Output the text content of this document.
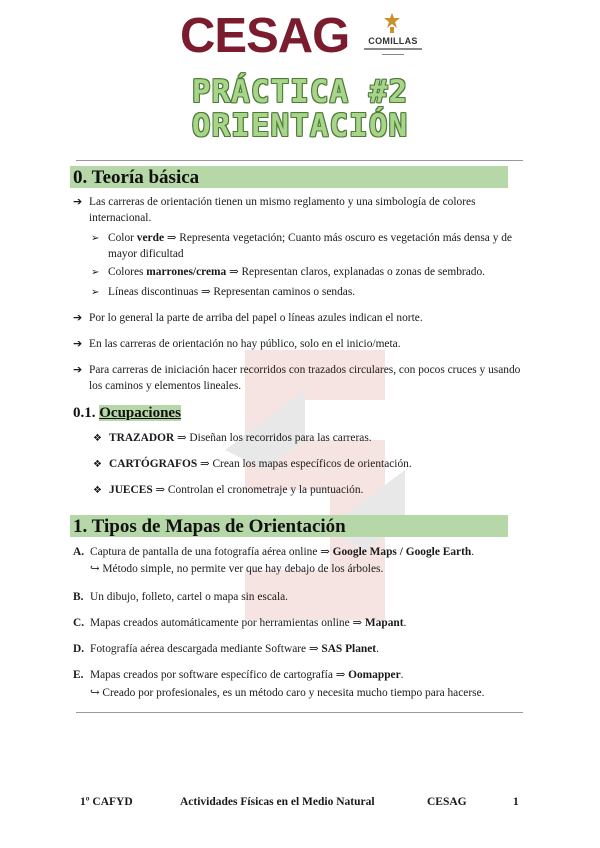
CESAG	COMILLAS
PRÁCTICA #2
ORIENTACIÓN
0. Teoría básica
➔ Las carreras de orientación tienen un mismo reglamento y una simbología de colores internacional.
➢ Color verde ⇒ Representa vegetación; Cuanto más oscuro es vegetación más densa y de mayor dificultad
➢ Colores marrones/crema ⇒ Representan claros, explanadas o zonas de sembrado.
➢ Líneas discontinuas ⇒ Representan caminos o sendas.
➔ Por lo general la parte de arriba del papel o líneas azules indican el norte.
➔ En las carreras de orientación no hay público, solo en el inicio/meta.
➔ Para carreras de iniciación hacer recorridos con trazados circulares, con pocos cruces y usando los caminos y elementos lineales.
0.1. Ocupaciones
❖ TRAZADOR ⇒ Diseñan los recorridos para las carreras.
❖ CARTÓGRAFOS ⇒ Crean los mapas específicos de orientación.
❖ JUECES ⇒ Controlan el cronometraje y la puntuación.
1. Tipos de Mapas de Orientación
A. Captura de pantalla de una fotografía aérea online ⇒ Google Maps / Google Earth.
↪ Método simple, no permite ver que hay debajo de los árboles.
B. Un dibujo, folleto, cartel o mapa sin escala.
C. Mapas creados automáticamente por herramientas online ⇒ Mapant.
D. Fotografía aérea descargada mediante Software ⇒ SAS Planet.
E. Mapas creados por software específico de cartografía ⇒ Oomapper.
↪ Creado por profesionales, es un método caro y necesita mucho tiempo para hacerse.
1º CAFYD	Actividades Físicas en el Medio Natural	CESAG	1
